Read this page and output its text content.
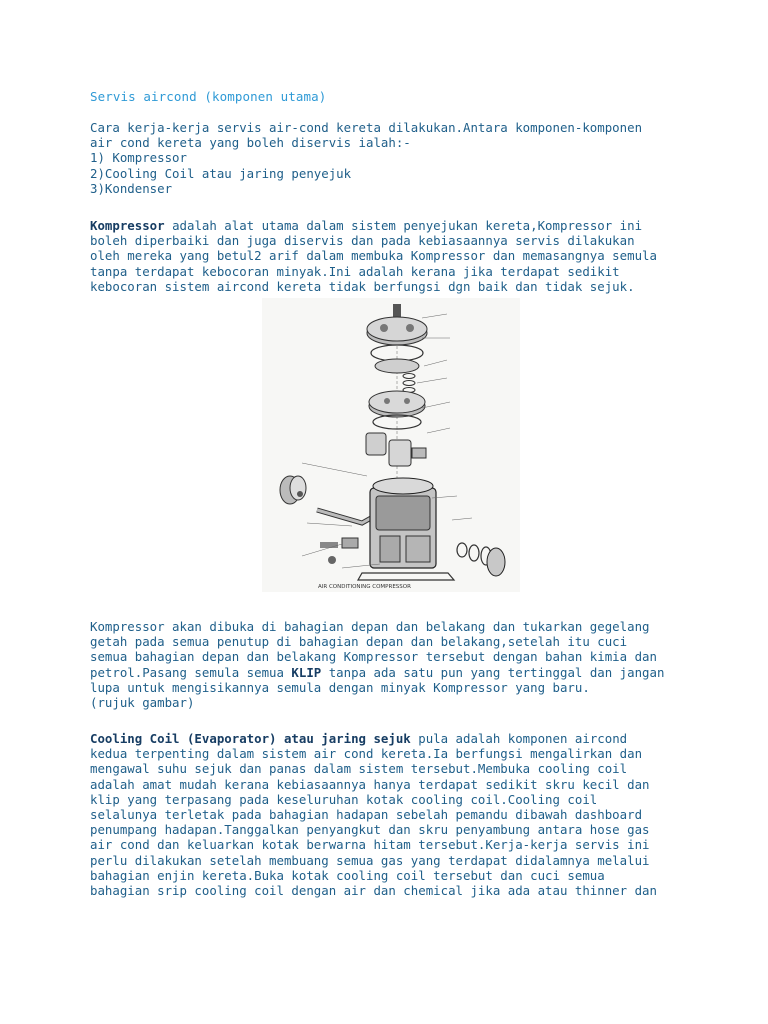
Servis aircond (komponen utama)
Cara kerja-kerja servis air-cond kereta dilakukan.Antara komponen-komponen
air cond kereta yang boleh diservis ialah:-
1) Kompressor
2)Cooling Coil atau jaring penyejuk
3)Kondenser
Kompressor adalah alat utama dalam sistem penyejukan kereta,Kompressor ini
boleh diperbaiki dan juga diservis dan pada kebiasaannya servis dilakukan
oleh mereka yang betul2 arif dalam membuka Kompressor dan memasangnya semula
tanpa terdapat kebocoran minyak.Ini adalah kerana jika terdapat sedikit
kebocoran sistem aircond kereta tidak berfungsi dgn baik dan tidak sejuk.
AIR CONDITIONING COMPRESSOR
Kompressor akan dibuka di bahagian depan dan belakang dan tukarkan gegelang
getah pada semua penutup di bahagian depan dan belakang,setelah itu cuci
semua bahagian depan dan belakang Kompressor tersebut dengan bahan kimia dan
petrol.Pasang semula semua KLIP tanpa ada satu pun yang tertinggal dan jangan
lupa untuk mengisikannya semula dengan minyak Kompressor yang baru.
(rujuk gambar)
Cooling Coil (Evaporator) atau jaring sejuk pula adalah komponen aircond
kedua terpenting dalam sistem air cond kereta.Ia berfungsi mengalirkan dan
mengawal suhu sejuk dan panas dalam sistem tersebut.Membuka cooling coil
adalah amat mudah kerana kebiasaannya hanya terdapat sedikit skru kecil dan
klip yang terpasang pada keseluruhan kotak cooling coil.Cooling coil
selalunya terletak pada bahagian hadapan sebelah pemandu dibawah dashboard
penumpang hadapan.Tanggalkan penyangkut dan skru penyambung antara hose gas
air cond dan keluarkan kotak berwarna hitam tersebut.Kerja-kerja servis ini
perlu dilakukan setelah membuang semua gas yang terdapat didalamnya melalui
bahagian enjin kereta.Buka kotak cooling coil tersebut dan cuci semua
bahagian srip cooling coil dengan air dan chemical jika ada atau thinner dan
